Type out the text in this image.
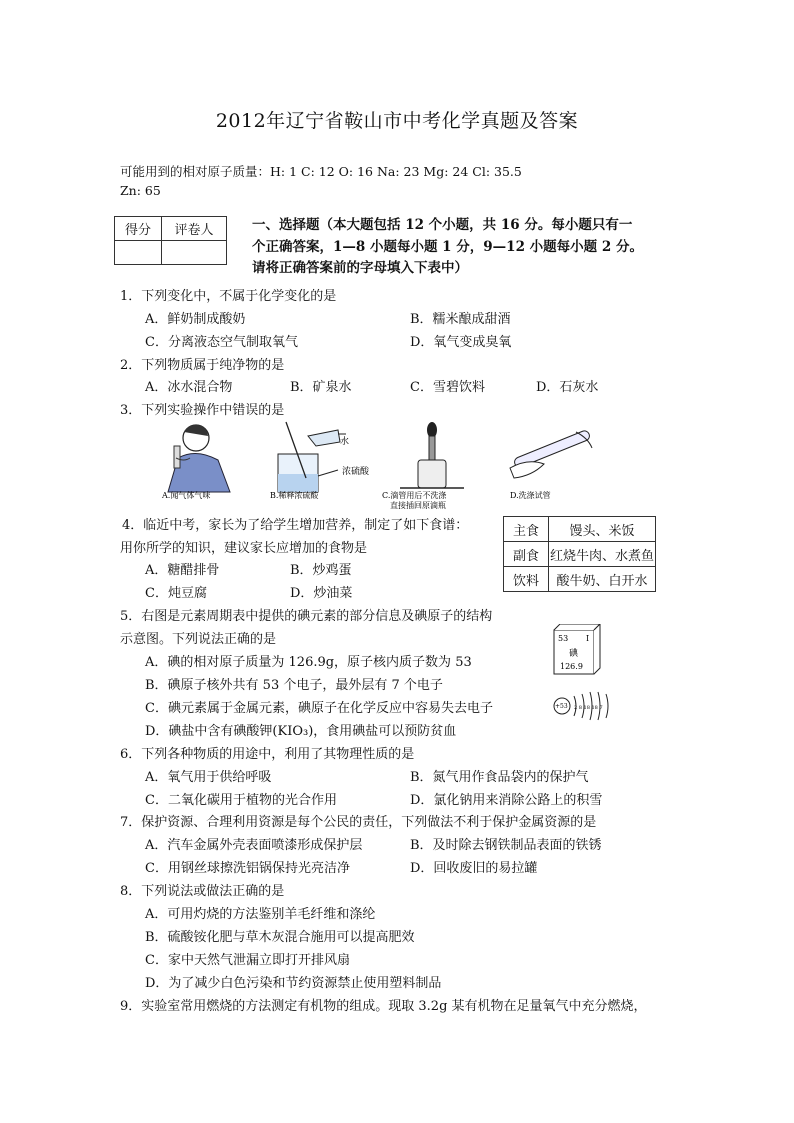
2012年辽宁省鞍山市中考化学真题及答案
可能用到的相对原子质量：H: 1 C: 12 O: 16 Na: 23 Mg: 24 Cl: 35.5
Zn: 65
得分	评卷人
		一、选择题（本大题包括 12 个小题，共 16 分。每小题只有一
个正确答案，1—8 小题每小题 1 分，9—12 小题每小题 2 分。
请将正确答案前的字母填入下表中）
1．下列变化中，不属于化学变化的是
A．鲜奶制成酸奶	B．糯米酿成甜酒
C．分离液态空气制取氧气	D．氧气变成臭氧
2．下列物质属于纯净物的是
A．冰水混合物	B．矿泉水	C．雪碧饮料	D．石灰水
3．下列实验操作中错误的是
水
浓硫酸
A.闻气体气味	B.稀释浓硫酸	C.滴管用后不洗涤
直接插回原滴瓶
D.洗涤试管
4．临近中考，家长为了给学生增加营养，制定了如下食谱：
用你所学的知识，建议家长应增加的食物是
A．糖醋排骨	B．炒鸡蛋
C．炖豆腐	D．炒油菜
主食	馒头、米饭
副食	红烧牛肉、水煮鱼
饮料	酸牛奶、白开水
5．右图是元素周期表中提供的碘元素的部分信息及碘原子的结构
示意图。下列说法正确的是
A．碘的相对原子质量为 126.9g，原子核内质子数为 53
B．碘原子核外共有 53 个电子，最外层有 7 个电子
C．碘元素属于金属元素，碘原子在化学反应中容易失去电子
D．碘盐中含有碘酸钾(KIO₃)，食用碘盐可以预防贫血
53 I
碘
126.9
+53 2 8 18 18 7
6．下列各种物质的用途中，利用了其物理性质的是
A．氧气用于供给呼吸	B．氮气用作食品袋内的保护气
C．二氧化碳用于植物的光合作用	D．氯化钠用来消除公路上的积雪
7．保护资源、合理利用资源是每个公民的责任，下列做法不利于保护金属资源的是
A．汽车金属外壳表面喷漆形成保护层	B．及时除去钢铁制品表面的铁锈
C．用钢丝球擦洗铝锅保持光亮洁净	D．回收废旧的易拉罐
8．下列说法或做法正确的是
A．可用灼烧的方法鉴别羊毛纤维和涤纶
B．硫酸铵化肥与草木灰混合施用可以提高肥效
C．家中天然气泄漏立即打开排风扇
D．为了减少白色污染和节约资源禁止使用塑料制品
9．实验室常用燃烧的方法测定有机物的组成。现取 3.2g 某有机物在足量氧气中充分燃烧，
